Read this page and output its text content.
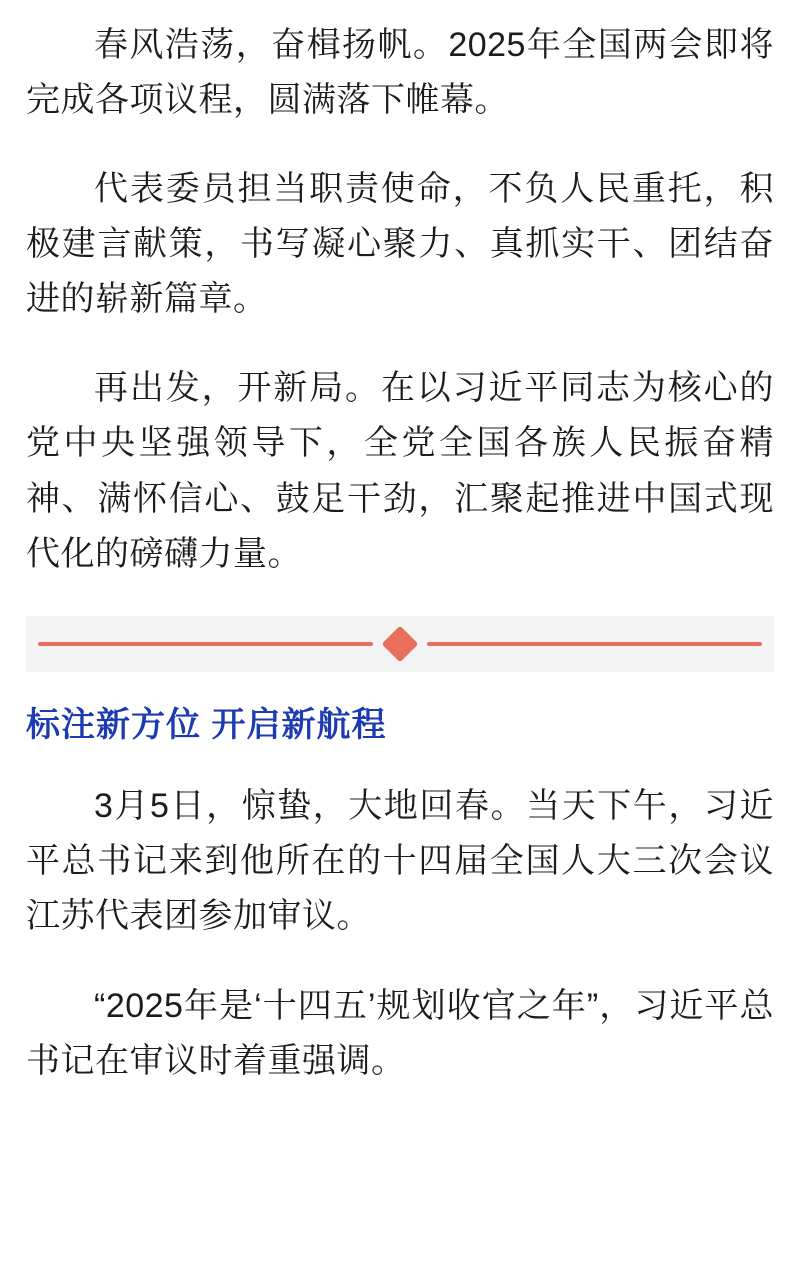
春风浩荡，奋楫扬帆。2025年全国两会即将完成各项议程，圆满落下帷幕。

代表委员担当职责使命，不负人民重托，积极建言献策，书写凝心聚力、真抓实干、团结奋进的崭新篇章。

再出发，开新局。在以习近平同志为核心的党中央坚强领导下，全党全国各族人民振奋精神、满怀信心、鼓足干劲，汇聚起推进中国式现代化的磅礴力量。

标注新方位 开启新航程

3月5日，惊蛰，大地回春。当天下午，习近平总书记来到他所在的十四届全国人大三次会议江苏代表团参加审议。

“2025年是‘十四五’规划收官之年”，习近平总书记在审议时着重强调。
